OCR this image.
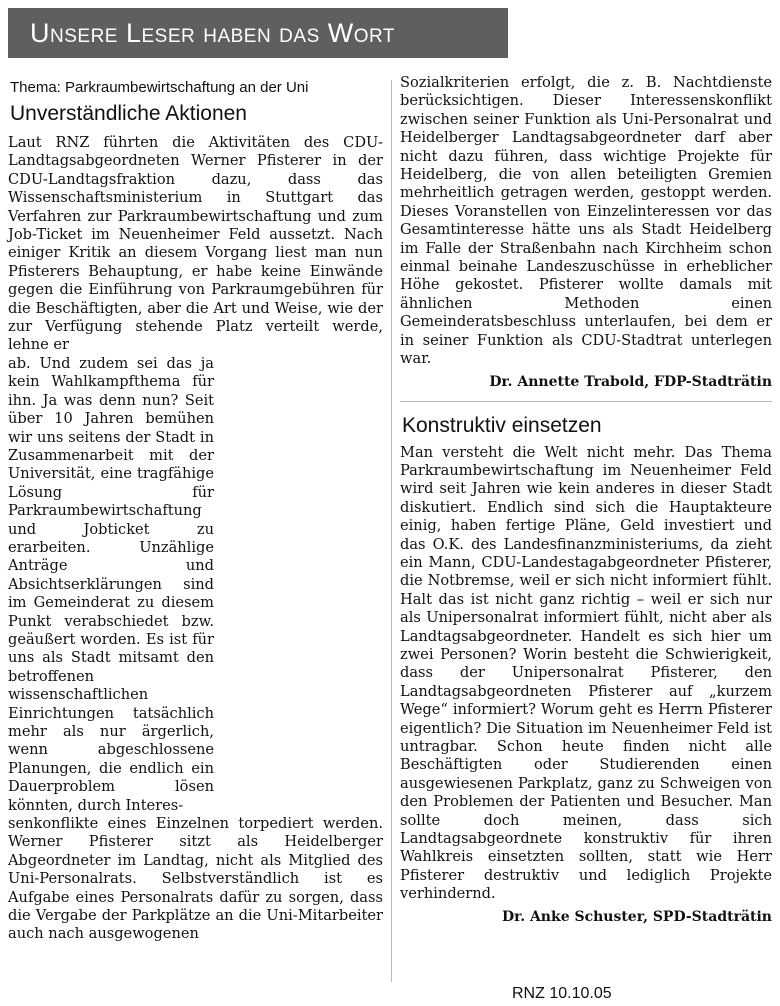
Unsere Leser haben das Wort

Thema: Parkraumbewirtschaftung an der Uni

Unverständliche Aktionen

Laut RNZ führten die Aktivitäten des CDU-Landtagsabgeordneten Werner Pfisterer in der CDU-Landtagsfraktion dazu, dass das Wissenschaftsministerium in Stuttgart das Verfahren zur Parkraumbewirtschaftung und zum Job-Ticket im Neuenheimer Feld aussetzt. Nach einiger Kritik an diesem Vorgang liest man nun Pfisterers Behauptung, er habe keine Einwände gegen die Einführung von Parkraumgebühren für die Beschäftigten, aber die Art und Weise, wie der zur Verfügung stehende Platz verteilt werde, lehne er

ab. Und zudem sei das ja kein Wahlkampfthema für ihn. Ja was denn nun? Seit über 10 Jahren bemühen wir uns seitens der Stadt in Zusammenarbeit mit der Universität, eine tragfähige Lösung für Parkraumbewirtschaftung und Jobticket zu erarbeiten. Unzählige Anträge und Absichtserklärungen sind im Gemeinderat zu diesem Punkt verabschiedet bzw. geäußert worden. Es ist für uns als Stadt mitsamt den betroffenen wissenschaftlichen Einrichtungen tatsächlich mehr als nur ärgerlich, wenn abgeschlossene Planungen, die endlich ein Dauerproblem lösen könnten, durch Interes-

senkonflikte eines Einzelnen torpediert werden. Werner Pfisterer sitzt als Heidelberger Abgeordneter im Landtag, nicht als Mitglied des Uni-Personalrats. Selbstverständlich ist es Aufgabe eines Personalrats dafür zu sorgen, dass die Vergabe der Parkplätze an die Uni-Mitarbeiter auch nach ausgewogenen

Sozialkriterien erfolgt, die z. B. Nachtdienste berücksichtigen. Dieser Interessenskonflikt zwischen seiner Funktion als Uni-Personalrat und Heidelberger Landtagsabgeordneter darf aber nicht dazu führen, dass wichtige Projekte für Heidelberg, die von allen beteiligten Gremien mehrheitlich getragen werden, gestoppt werden. Dieses Voranstellen von Einzelinteressen vor das Gesamtinteresse hätte uns als Stadt Heidelberg im Falle der Straßenbahn nach Kirchheim schon einmal beinahe Landeszuschüsse in erheblicher Höhe gekostet. Pfisterer wollte damals mit ähnlichen Methoden einen Gemeinderatsbeschluss unterlaufen, bei dem er in seiner Funktion als CDU-Stadtrat unterlegen war.

Dr. Annette Trabold, FDP-Stadträtin

Konstruktiv einsetzen

Man versteht die Welt nicht mehr. Das Thema Parkraumbewirtschaftung im Neuenheimer Feld wird seit Jahren wie kein anderes in dieser Stadt diskutiert. Endlich sind sich die Hauptakteure einig, haben fertige Pläne, Geld investiert und das O.K. des Landesfinanzministeriums, da zieht ein Mann, CDU-Landestagabgeordneter Pfisterer, die Notbremse, weil er sich nicht informiert fühlt. Halt das ist nicht ganz richtig – weil er sich nur als Unipersonalrat informiert fühlt, nicht aber als Landtagsabgeordneter. Handelt es sich hier um zwei Personen? Worin besteht die Schwierigkeit, dass der Unipersonalrat Pfisterer, den Landtagsabgeordneten Pfisterer auf „kurzem Wege“ informiert? Worum geht es Herrn Pfisterer eigentlich? Die Situation im Neuenheimer Feld ist untragbar. Schon heute finden nicht alle Beschäftigten oder Studierenden einen ausgewiesenen Parkplatz, ganz zu Schweigen von den Problemen der Patienten und Besucher. Man sollte doch meinen, dass sich Landtagsabgeordnete konstruktiv für ihren Wahlkreis einsetzten sollten, statt wie Herr Pfisterer destruktiv und lediglich Projekte verhindernd.

Dr. Anke Schuster, SPD-Stadträtin

RNZ 10.10.05
